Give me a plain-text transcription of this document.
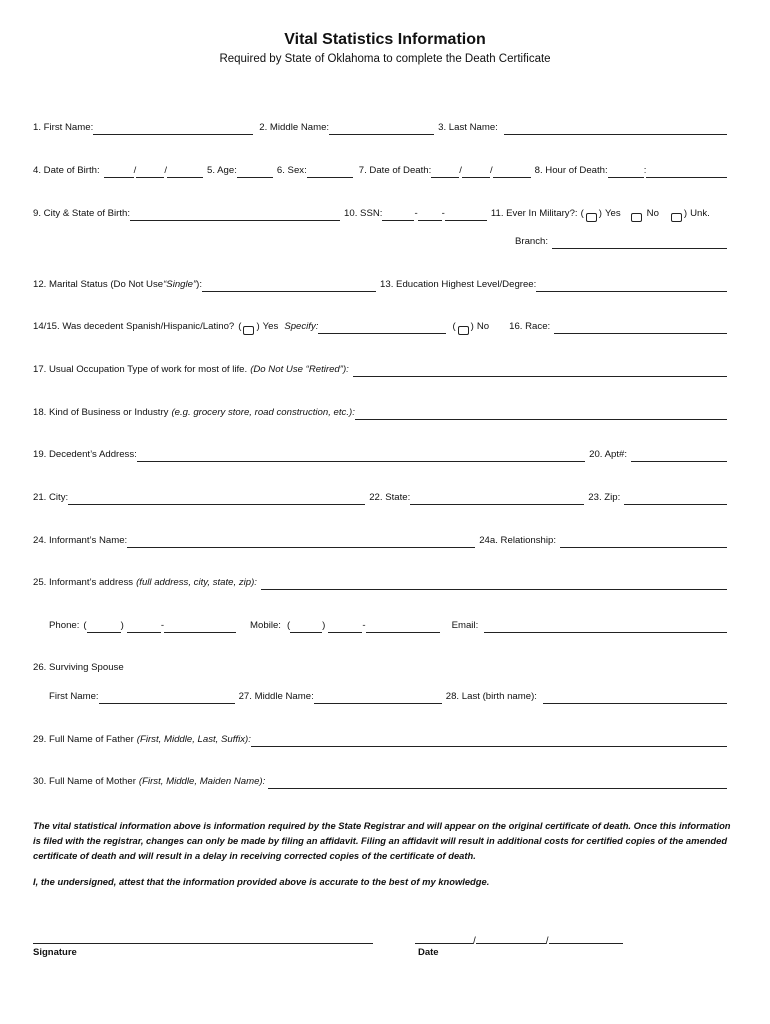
Vital Statistics Information
Required by State of Oklahoma to complete the Death Certificate
1. First Name:	2. Middle Name:	3. Last Name:
4. Date of Birth:	/	/	5. Age:	6. Sex:	7. Date of Death:	/	/	8. Hour of Death:	:
9. City & State of Birth:	10. SSN:	-	-	11. Ever In Military?: ( ) Yes	No	) Unk.
Branch:
12. Marital Status (Do Not Use “Single” ):	13. Education Highest Level/Degree:
14/15. Was decedent Spanish/Hispanic/Latino? ( ) Yes Specify:	( ) No 16. Race:
17. Usual Occupation Type of work for most of life. (Do Not Use “Retired”):
18. Kind of Business or Industry (e.g. grocery store, road construction, etc.):
19. Decedent’s Address:	20. Apt#:
21. City:	22. State:	23. Zip:
24. Informant’s Name:	24a. Relationship:
25. Informant’s address (full address, city, state, zip):
Phone: (	)	-	Mobile: (	)	-	Email:
26. Surviving Spouse
First Name:	27. Middle Name:	28. Last (birth name):
29. Full Name of Father (First, Middle, Last, Suffix):
30. Full Name of Mother (First, Middle, Maiden Name):
The vital statistical information above is information required by the State Registrar and will appear on the original certificate of death. Once this information is filed with the registrar, changes can only be made by filing an affidavit. Filing an affidavit will result in additional costs for certified copies of the amended certificate of death and will result in a delay in receiving corrected copies of the certificate of death.
I, the undersigned, attest that the information provided above is accurate to the best of my knowledge.
Signature
/	/
Date
